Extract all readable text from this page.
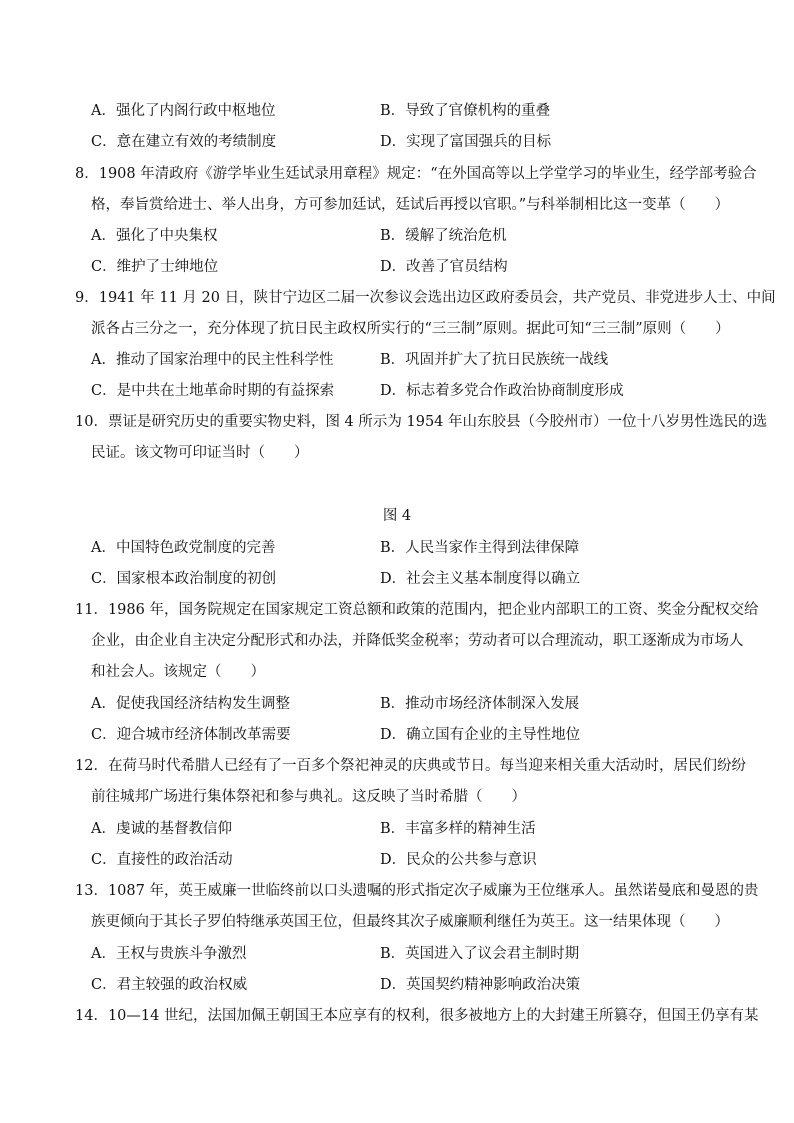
A．强化了内阁行政中枢地位	B．导致了官僚机构的重叠
C．意在建立有效的考绩制度	D．实现了富国强兵的目标
8．1908 年清政府《游学毕业生廷试录用章程》规定：“在外国高等以上学堂学习的毕业生，经学部考验合
格，奉旨赏给进士、举人出身，方可参加廷试，廷试后再授以官职。”与科举制相比这一变革（　　）
A．强化了中央集权	B．缓解了统治危机
C．维护了士绅地位	D．改善了官员结构
9．1941 年 11 月 20 日，陕甘宁边区二届一次参议会选出边区政府委员会，共产党员、非党进步人士、中间
派各占三分之一，充分体现了抗日民主政权所实行的“三三制”原则。据此可知“三三制”原则（　　）
A．推动了国家治理中的民主性科学性	B．巩固并扩大了抗日民族统一战线
C．是中共在土地革命时期的有益探索	D．标志着多党合作政治协商制度形成
10．票证是研究历史的重要实物史料，图 4 所示为 1954 年山东胶县（今胶州市）一位十八岁男性选民的选
民证。该文物可印证当时（　　）
图 4
A．中国特色政党制度的完善	B．人民当家作主得到法律保障
C．国家根本政治制度的初创	D．社会主义基本制度得以确立
11．1986 年，国务院规定在国家规定工资总额和政策的范围内，把企业内部职工的工资、奖金分配权交给
企业，由企业自主决定分配形式和办法，并降低奖金税率；劳动者可以合理流动，职工逐渐成为市场人
和社会人。该规定（　　）
A．促使我国经济结构发生调整	B．推动市场经济体制深入发展
C．迎合城市经济体制改革需要	D．确立国有企业的主导性地位
12．在荷马时代希腊人已经有了一百多个祭祀神灵的庆典或节日。每当迎来相关重大活动时，居民们纷纷
前往城邦广场进行集体祭祀和参与典礼。这反映了当时希腊（　　）
A．虔诚的基督教信仰	B．丰富多样的精神生活
C．直接性的政治活动	D．民众的公共参与意识
13．1087 年，英王威廉一世临终前以口头遗嘱的形式指定次子威廉为王位继承人。虽然诺曼底和曼恩的贵
族更倾向于其长子罗伯特继承英国王位，但最终其次子威廉顺利继任为英王。这一结果体现（　　）
A．王权与贵族斗争激烈	B．英国进入了议会君主制时期
C．君主较强的政治权威	D．英国契约精神影响政治决策
14．10—14 世纪，法国加佩王朝国王本应享有的权利，很多被地方上的大封建王所篡夺，但国王仍享有某
